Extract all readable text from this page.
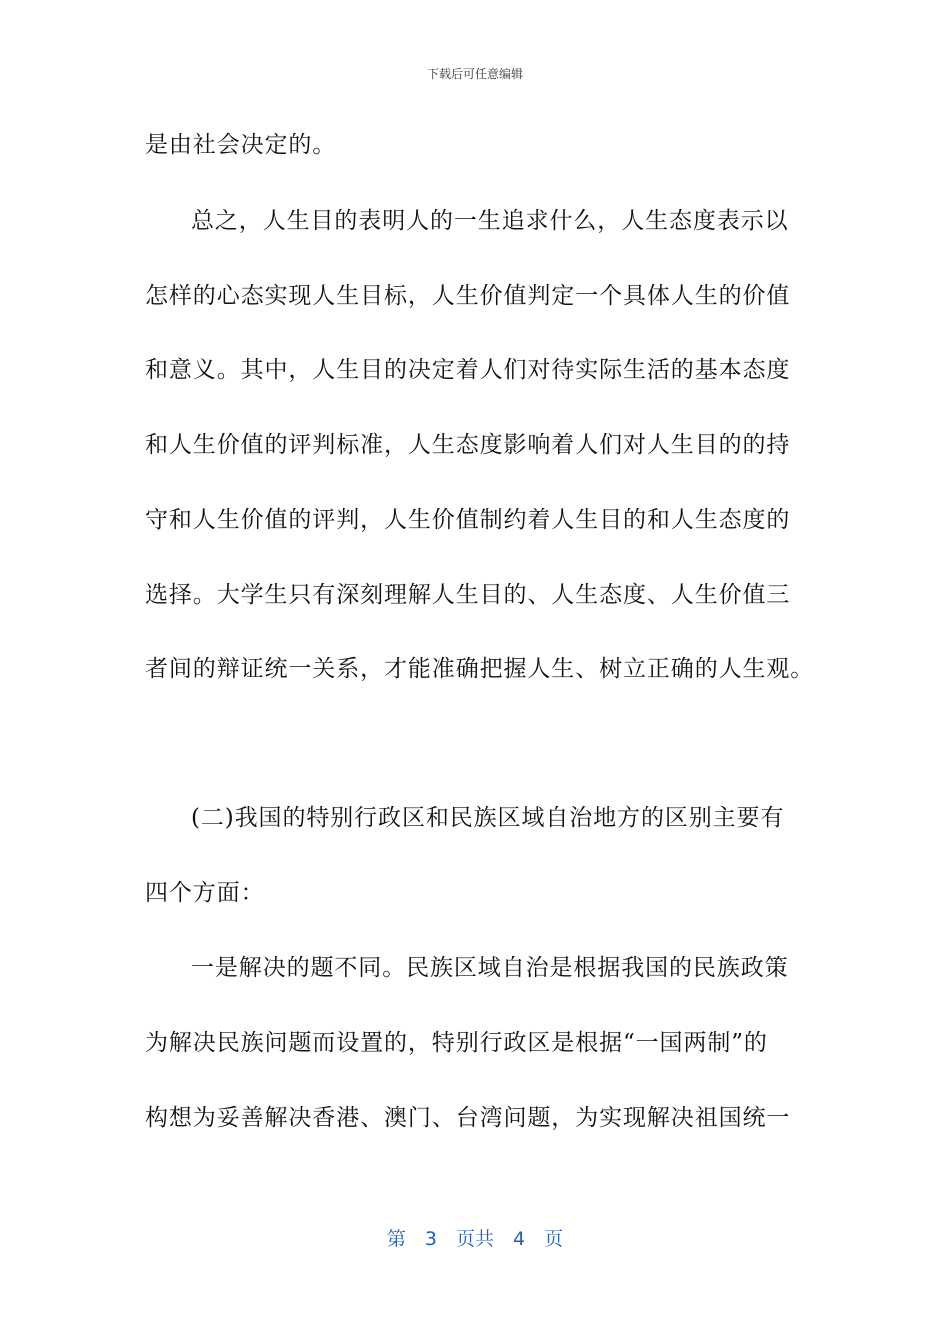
下载后可任意编辑
是由社会决定的。
总之，人生目的表明人的一生追求什么，人生态度表示以
怎样的心态实现人生目标，人生价值判定一个具体人生的价值
和意义。其中，人生目的决定着人们对待实际生活的基本态度
和人生价值的评判标准，人生态度影响着人们对人生目的的持
守和人生价值的评判，人生价值制约着人生目的和人生态度的
选择。大学生只有深刻理解人生目的、人生态度、人生价值三
者间的辩证统一关系，才能准确把握人生、树立正确的人生观。
(二)我国的特别行政区和民族区域自治地方的区别主要有
四个方面：
一是解决的题不同。民族区域自治是根据我国的民族政策
为解决民族问题而设置的，特别行政区是根据“一国两制”的
构想为妥善解决香港、澳门、台湾问题，为实现解决祖国统一
第　3　页共　4　页
